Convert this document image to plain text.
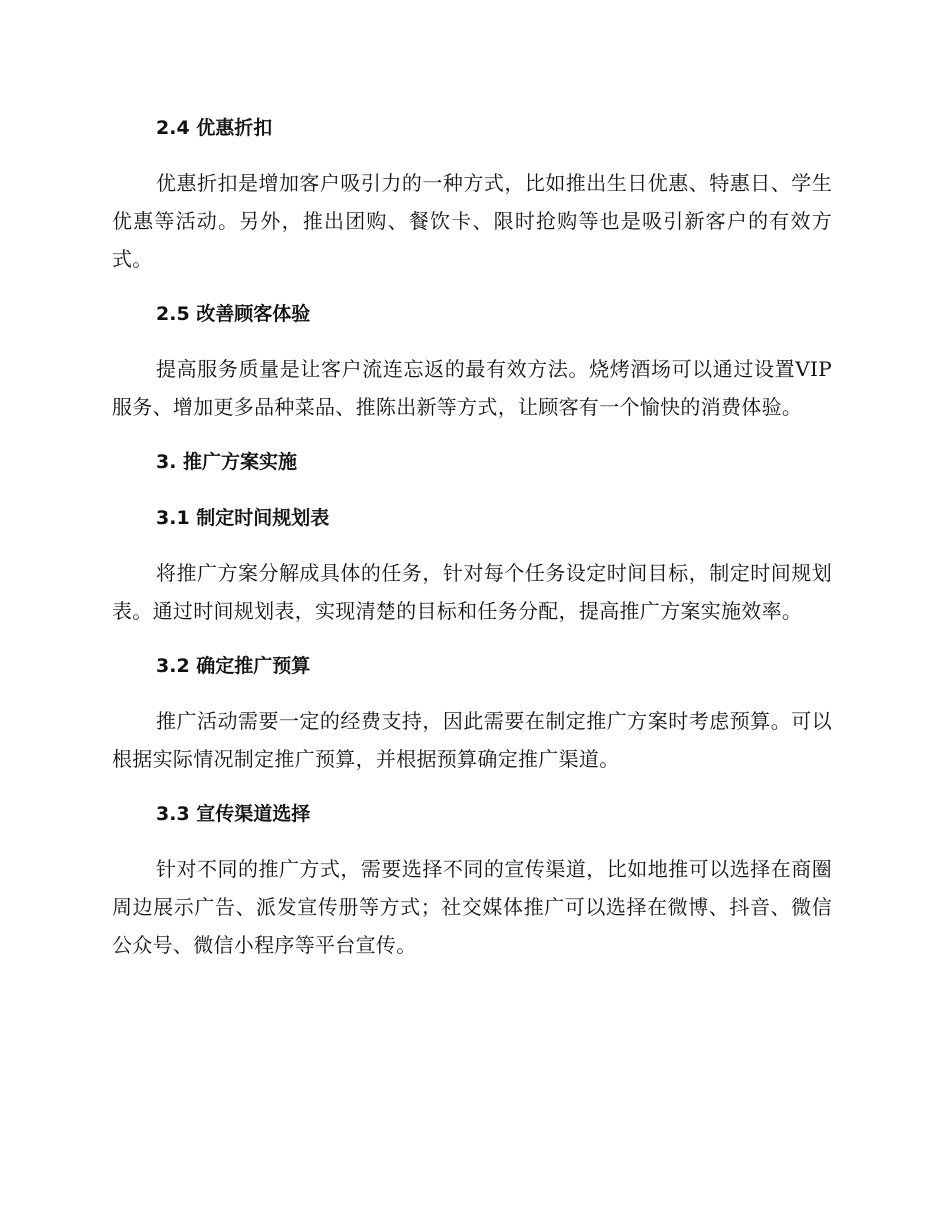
2.4 优惠折扣

优惠折扣是增加客户吸引力的一种方式，比如推出生日优惠、特惠日、学生优惠等活动。另外，推出团购、餐饮卡、限时抢购等也是吸引新客户的有效方式。

2.5 改善顾客体验

提高服务质量是让客户流连忘返的最有效方法。烧烤酒场可以通过设置VIP服务、增加更多品种菜品、推陈出新等方式，让顾客有一个愉快的消费体验。

3. 推广方案实施
3.1 制定时间规划表

将推广方案分解成具体的任务，针对每个任务设定时间目标，制定时间规划表。通过时间规划表，实现清楚的目标和任务分配，提高推广方案实施效率。

3.2 确定推广预算

推广活动需要一定的经费支持，因此需要在制定推广方案时考虑预算。可以根据实际情况制定推广预算，并根据预算确定推广渠道。

3.3 宣传渠道选择

针对不同的推广方式，需要选择不同的宣传渠道，比如地推可以选择在商圈周边展示广告、派发宣传册等方式；社交媒体推广可以选择在微博、抖音、微信公众号、微信小程序等平台宣传。
